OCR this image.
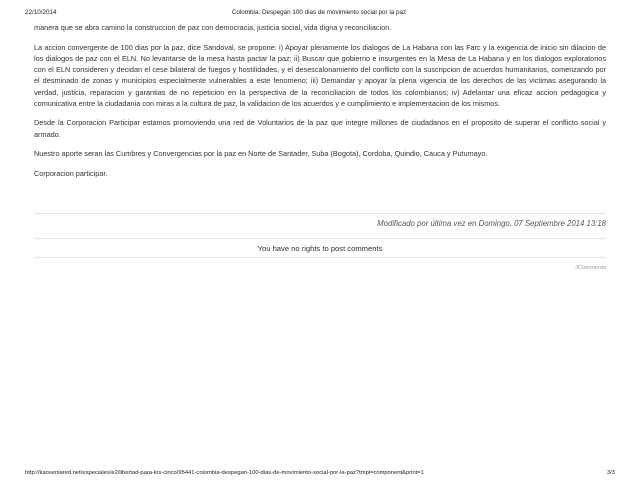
22/10/2014	Colombia: Despegan 100 dias de movimiento social por la paz

manera que se abra camino la construccion de paz con democracia, justicia social, vida digna y reconciliacion.

La accion convergente de 100 dias por la paz, dice Sandoval, se propone: i) Apoyar plenamente los dialogos de La Habana con las Farc y la exigencia de inicio sin dilacion de los dialogos de paz con el ELN. No levantarse de la mesa hasta pactar la paz; ii) Buscar que gobierno e insurgentes en la Mesa de La Habana y en los dialogos exploratorios con el ELN consideren y decidan el cese bilateral de fuegos y hostilidades, y el desescalonamiento del conflicto con la suscripcion de acuerdos humanitarios, comenzando por el desminado de zonas y municipios especialmente vulnerables a este fenomeno; iii) Demandar y apoyar la plena vigencia de los derechos de las victimas asegurando la verdad, justicia, reparacion y garantias de no repeticion en la perspectiva de la reconciliacion de todos los colombianos; iv) Adelantar una eficaz accion pedagogica y comunicativa entre la ciudadania con miras a la cultura de paz, la validacion de los acuerdos y e cumplimiento e implementacion de los mismos.

Desde la Corporacion Participar estamos promoviendo una red de Voluntarios de la paz que integre millones de ciudadanos en el proposito de superar el conflicto social y armado.

Nuestro aporte seran las Cumbres y Convergencias por la paz en Norte de Santader, Suba (Bogota), Cordoba, Quindio, Cauca y Putumayo.

Corporacion participar.

Modificado por última vez en Domingo, 07 Septiembre 2014 13:18
You have no rights to post comments
JComments
http://kaosenlared.net/especiales/e2/libertad-para-los-cinco/95441-colombia-despegan-100-dias-de-movimiento-social-por-la-paz?tmpl=component&print=1	3/3
